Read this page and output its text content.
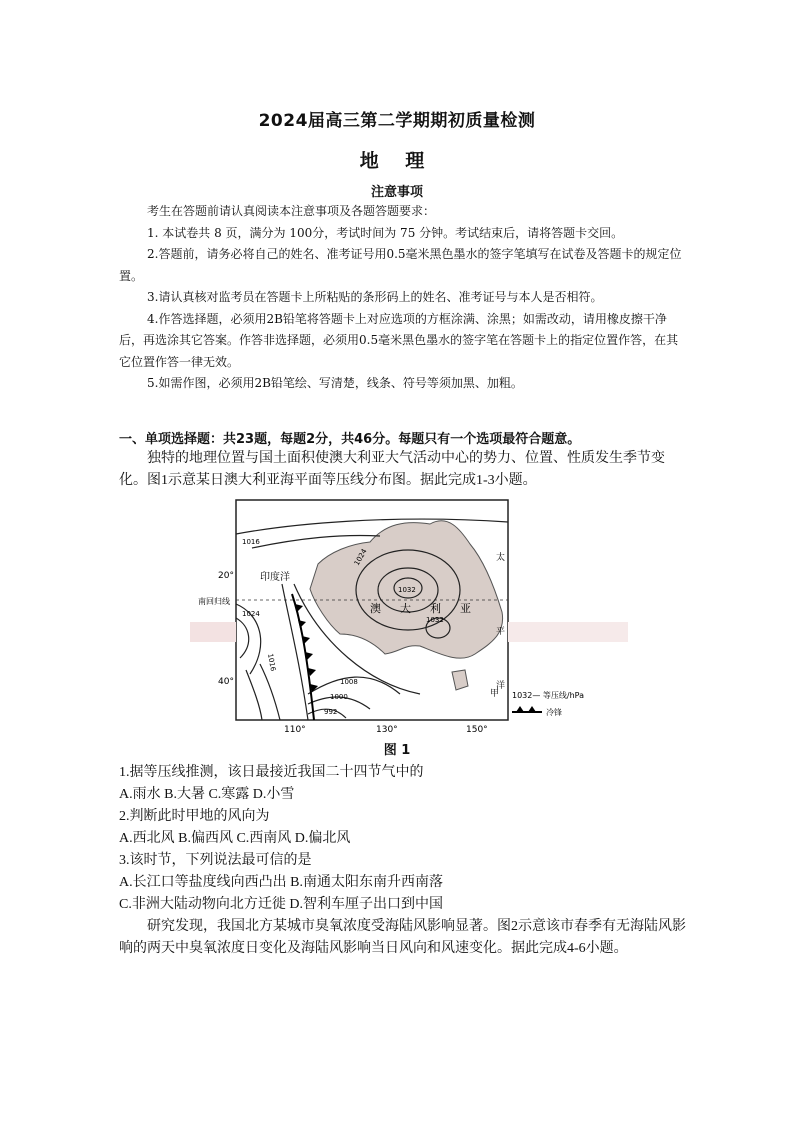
2024届高三第二学期期初质量检测
地 理
注意事项

考生在答题前请认真阅读本注意事项及各题答题要求：

1. 本试卷共 8 页，满分为 100分，考试时间为 75 分钟。考试结束后，请将答题卡交回。

2.答题前，请务必将自己的姓名、准考证号用0.5毫米黑色墨水的签字笔填写在试卷及答题卡的规定位置。

3.请认真核对监考员在答题卡上所粘贴的条形码上的姓名、准考证号与本人是否相符。

4.作答选择题，必须用2B铅笔将答题卡上对应选项的方框涂满、涂黑；如需改动，请用橡皮擦干净后，再选涂其它答案。作答非选择题，必须用0.5毫米黑色墨水的签字笔在答题卡上的指定位置作答，在其它位置作答一律无效。

5.如需作图，必须用2B铅笔绘、写清楚，线条、符号等须加黑、加粗。

一、单项选择题：共23题，每题2分，共46分。每题只有一个选项最符合题意。

独特的地理位置与国土面积使澳大利亚大气活动中心的势力、位置、性质发生季节变化。图1示意某日澳大利亚海平面等压线分布图。据此完成1-3小题。

20°
40°
110°	130°	150°
印度洋
南回归线
澳 大 利 亚
甲
太
平
洋
1016
1024
1032
1032
1024
1016
1008
1000
992
1032— 等压线/hPa
冷锋
图 1
1.据等压线推测，该日最接近我国二十四节气中的
A.雨水 B.大暑 C.寒露 D.小雪
2.判断此时甲地的风向为
A.西北风 B.偏西风 C.西南风 D.偏北风
3.该时节，下列说法最可信的是
A.长江口等盐度线向西凸出 B.南通太阳东南升西南落
C.非洲大陆动物向北方迁徙 D.智利车厘子出口到中国

研究发现，我国北方某城市臭氧浓度受海陆风影响显著。图2示意该市春季有无海陆风影响的两天中臭氧浓度日变化及海陆风影响当日风向和风速变化。据此完成4-6小题。
